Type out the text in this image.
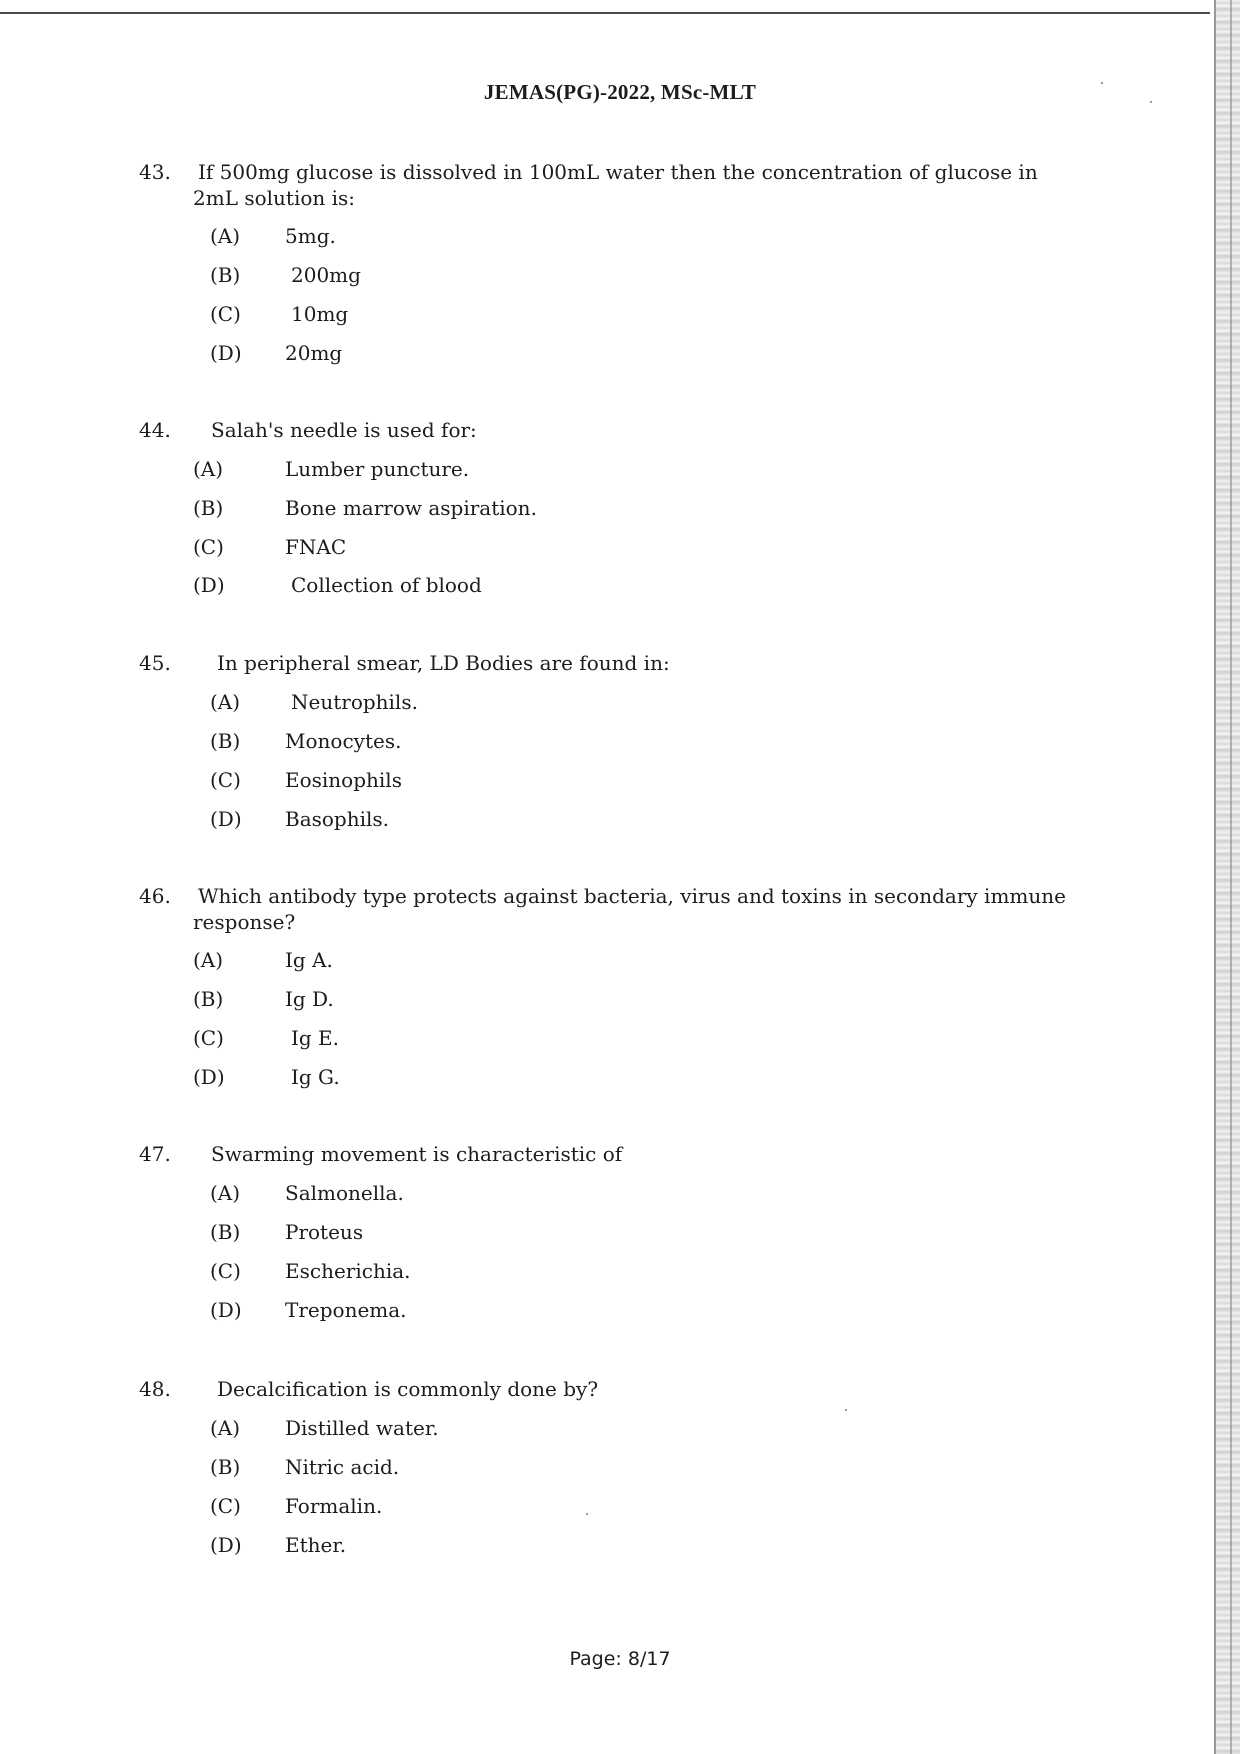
JEMAS(PG)-2022, MSc-MLT
43. If 500mg glucose is dissolved in 100mL water then the concentration of glucose in 2mL solution is:
(A) 5mg.
(B)	200mg
(C)	10mg
(D) 20mg
44. Salah's needle is used for:
(A)	Lumber puncture.
(B)	Bone marrow aspiration.
(C)	FNAC
(D)	Collection of blood
45. In peripheral smear, LD Bodies are found in:
(A)	Neutrophils.
(B) Monocytes.
(C) Eosinophils
(D) Basophils.
46. Which antibody type protects against bacteria, virus and toxins in secondary immune response?
(A)	Ig A.
(B)	Ig D.
(C)	Ig E.
(D)	Ig G.
47. Swarming movement is characteristic of
(A) Salmonella.
(B) Proteus
(C) Escherichia.
(D) Treponema.
48. Decalcification is commonly done by?
(A) Distilled water.
(B) Nitric acid.
(C) Formalin.
(D) Ether.
Page: 8/17
